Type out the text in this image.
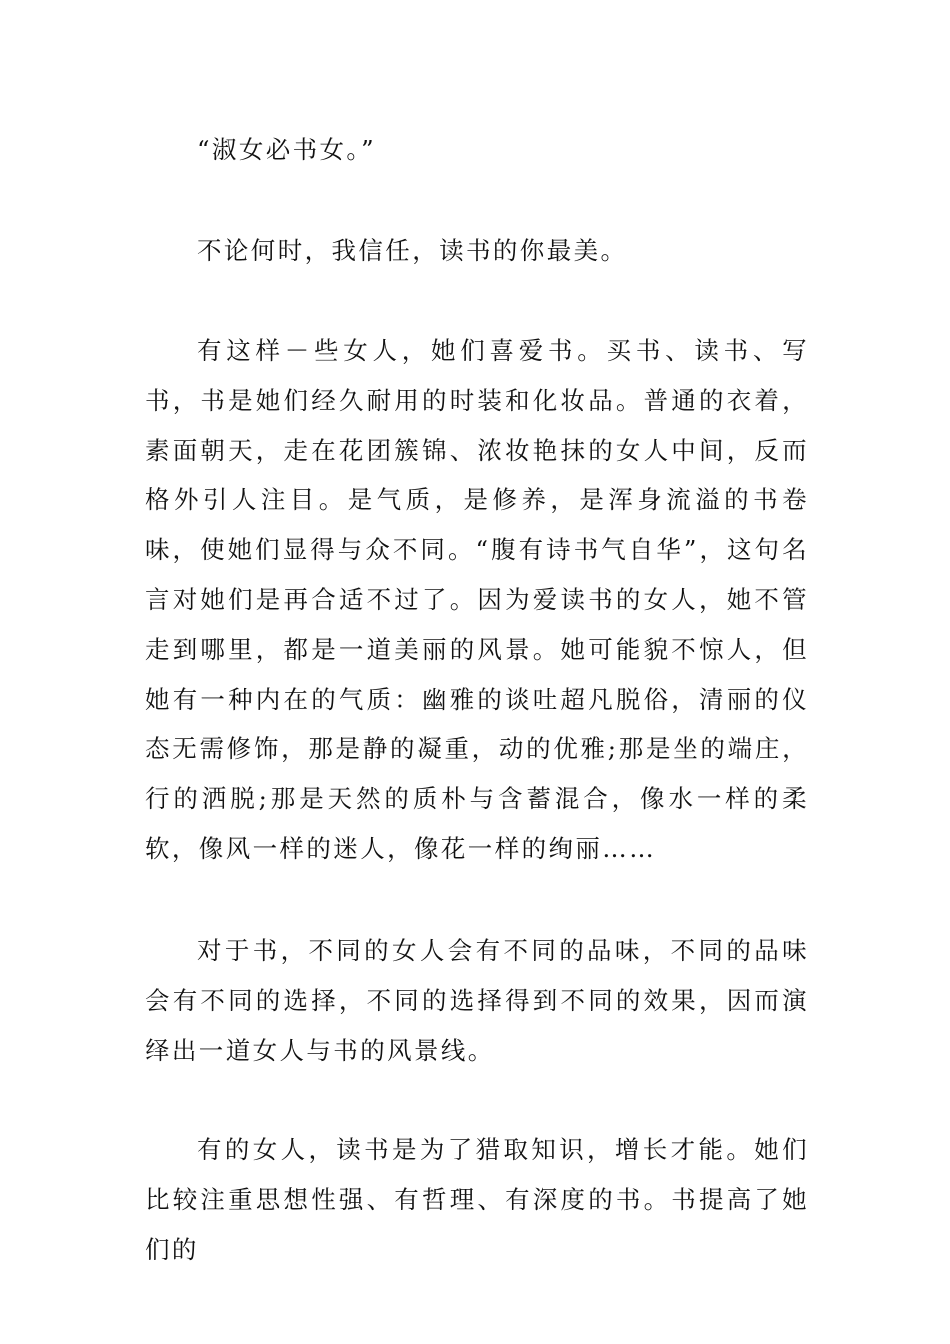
“淑女必书女。”

不论何时，我信任，读书的你最美。

有这样－些女人，她们喜爱书。买书、读书、写书，书是她们经久耐用的时装和化妆品。普通的衣着，素面朝天，走在花团簇锦、浓妆艳抹的女人中间，反而格外引人注目。是气质，是修养，是浑身流溢的书卷味，使她们显得与众不同。“腹有诗书气自华”，这句名言对她们是再合适不过了。因为爱读书的女人，她不管走到哪里，都是一道美丽的风景。她可能貌不惊人，但她有一种内在的气质：幽雅的谈吐超凡脱俗，清丽的仪态无需修饰，那是静的凝重，动的优雅;那是坐的端庄，行的洒脱;那是天然的质朴与含蓄混合，像水一样的柔软，像风一样的迷人，像花一样的绚丽……

对于书，不同的女人会有不同的品味，不同的品味会有不同的选择，不同的选择得到不同的效果，因而演绎出一道女人与书的风景线。

有的女人，读书是为了猎取知识，增长才能。她们比较注重思想性强、有哲理、有深度的书。书提高了她们的
